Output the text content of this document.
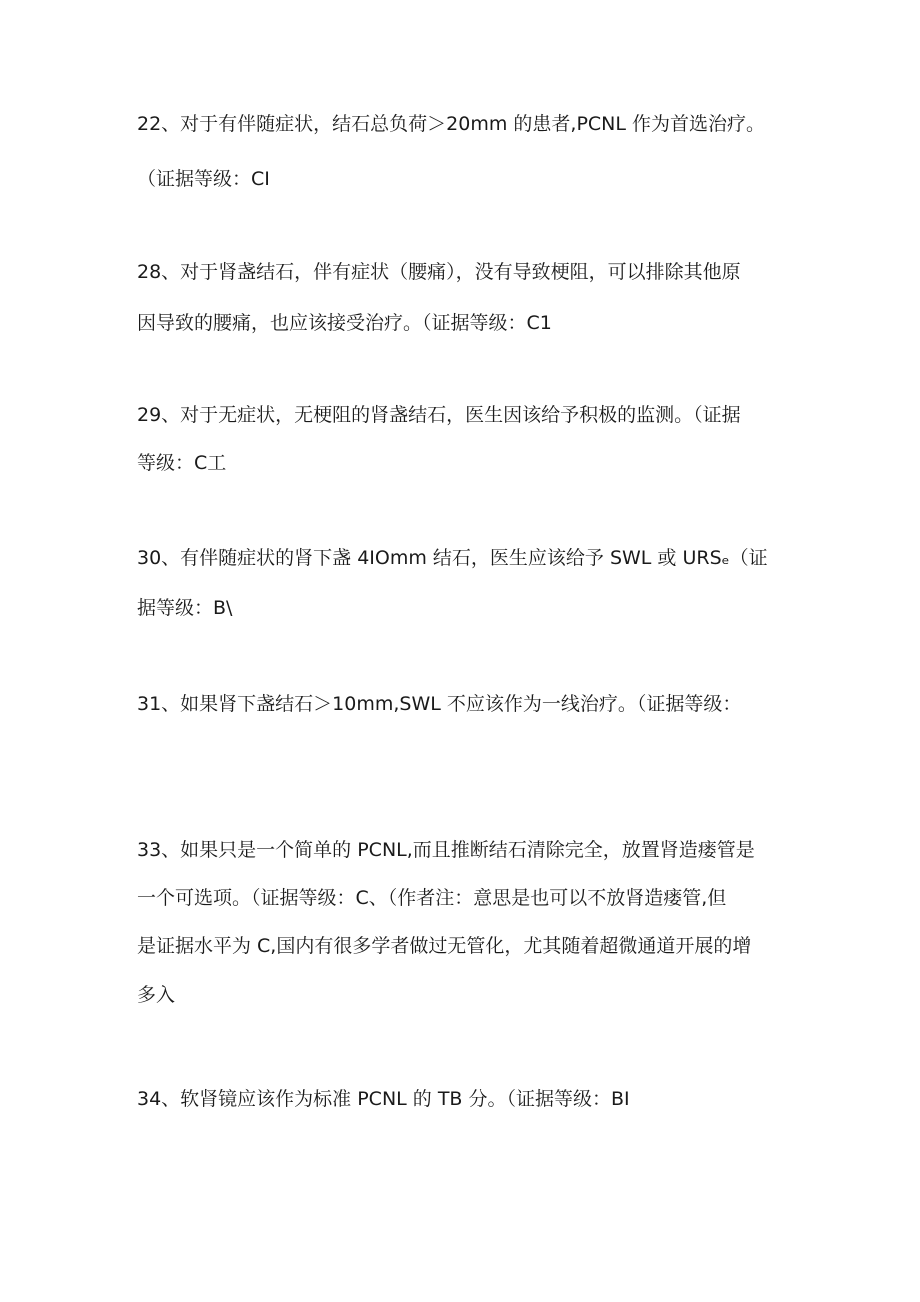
22、对于有伴随症状，结石总负荷＞20mm 的患者,PCNL 作为首选治疗。
（证据等级：CI
28、对于肾盏结石，伴有症状（腰痛），没有导致梗阻，可以排除其他原
因导致的腰痛，也应该接受治疗。（证据等级：C1
29、对于无症状，无梗阻的肾盏结石，医生因该给予积极的监测。（证据
等级：C工
30、有伴随症状的肾下盏 4IOmm 结石，医生应该给予 SWL 或 URSₑ（证
据等级：B\
31、如果肾下盏结石＞10mm,SWL 不应该作为一线治疗。（证据等级：
33、如果只是一个简单的 PCNL,而且推断结石清除完全，放置肾造瘘管是
一个可选项。（证据等级：C、（作者注：意思是也可以不放肾造瘘管,但
是证据水平为 C,国内有很多学者做过无管化，尤其随着超微通道开展的增
多入
34、软肾镜应该作为标准 PCNL 的 TB 分。（证据等级：BI
